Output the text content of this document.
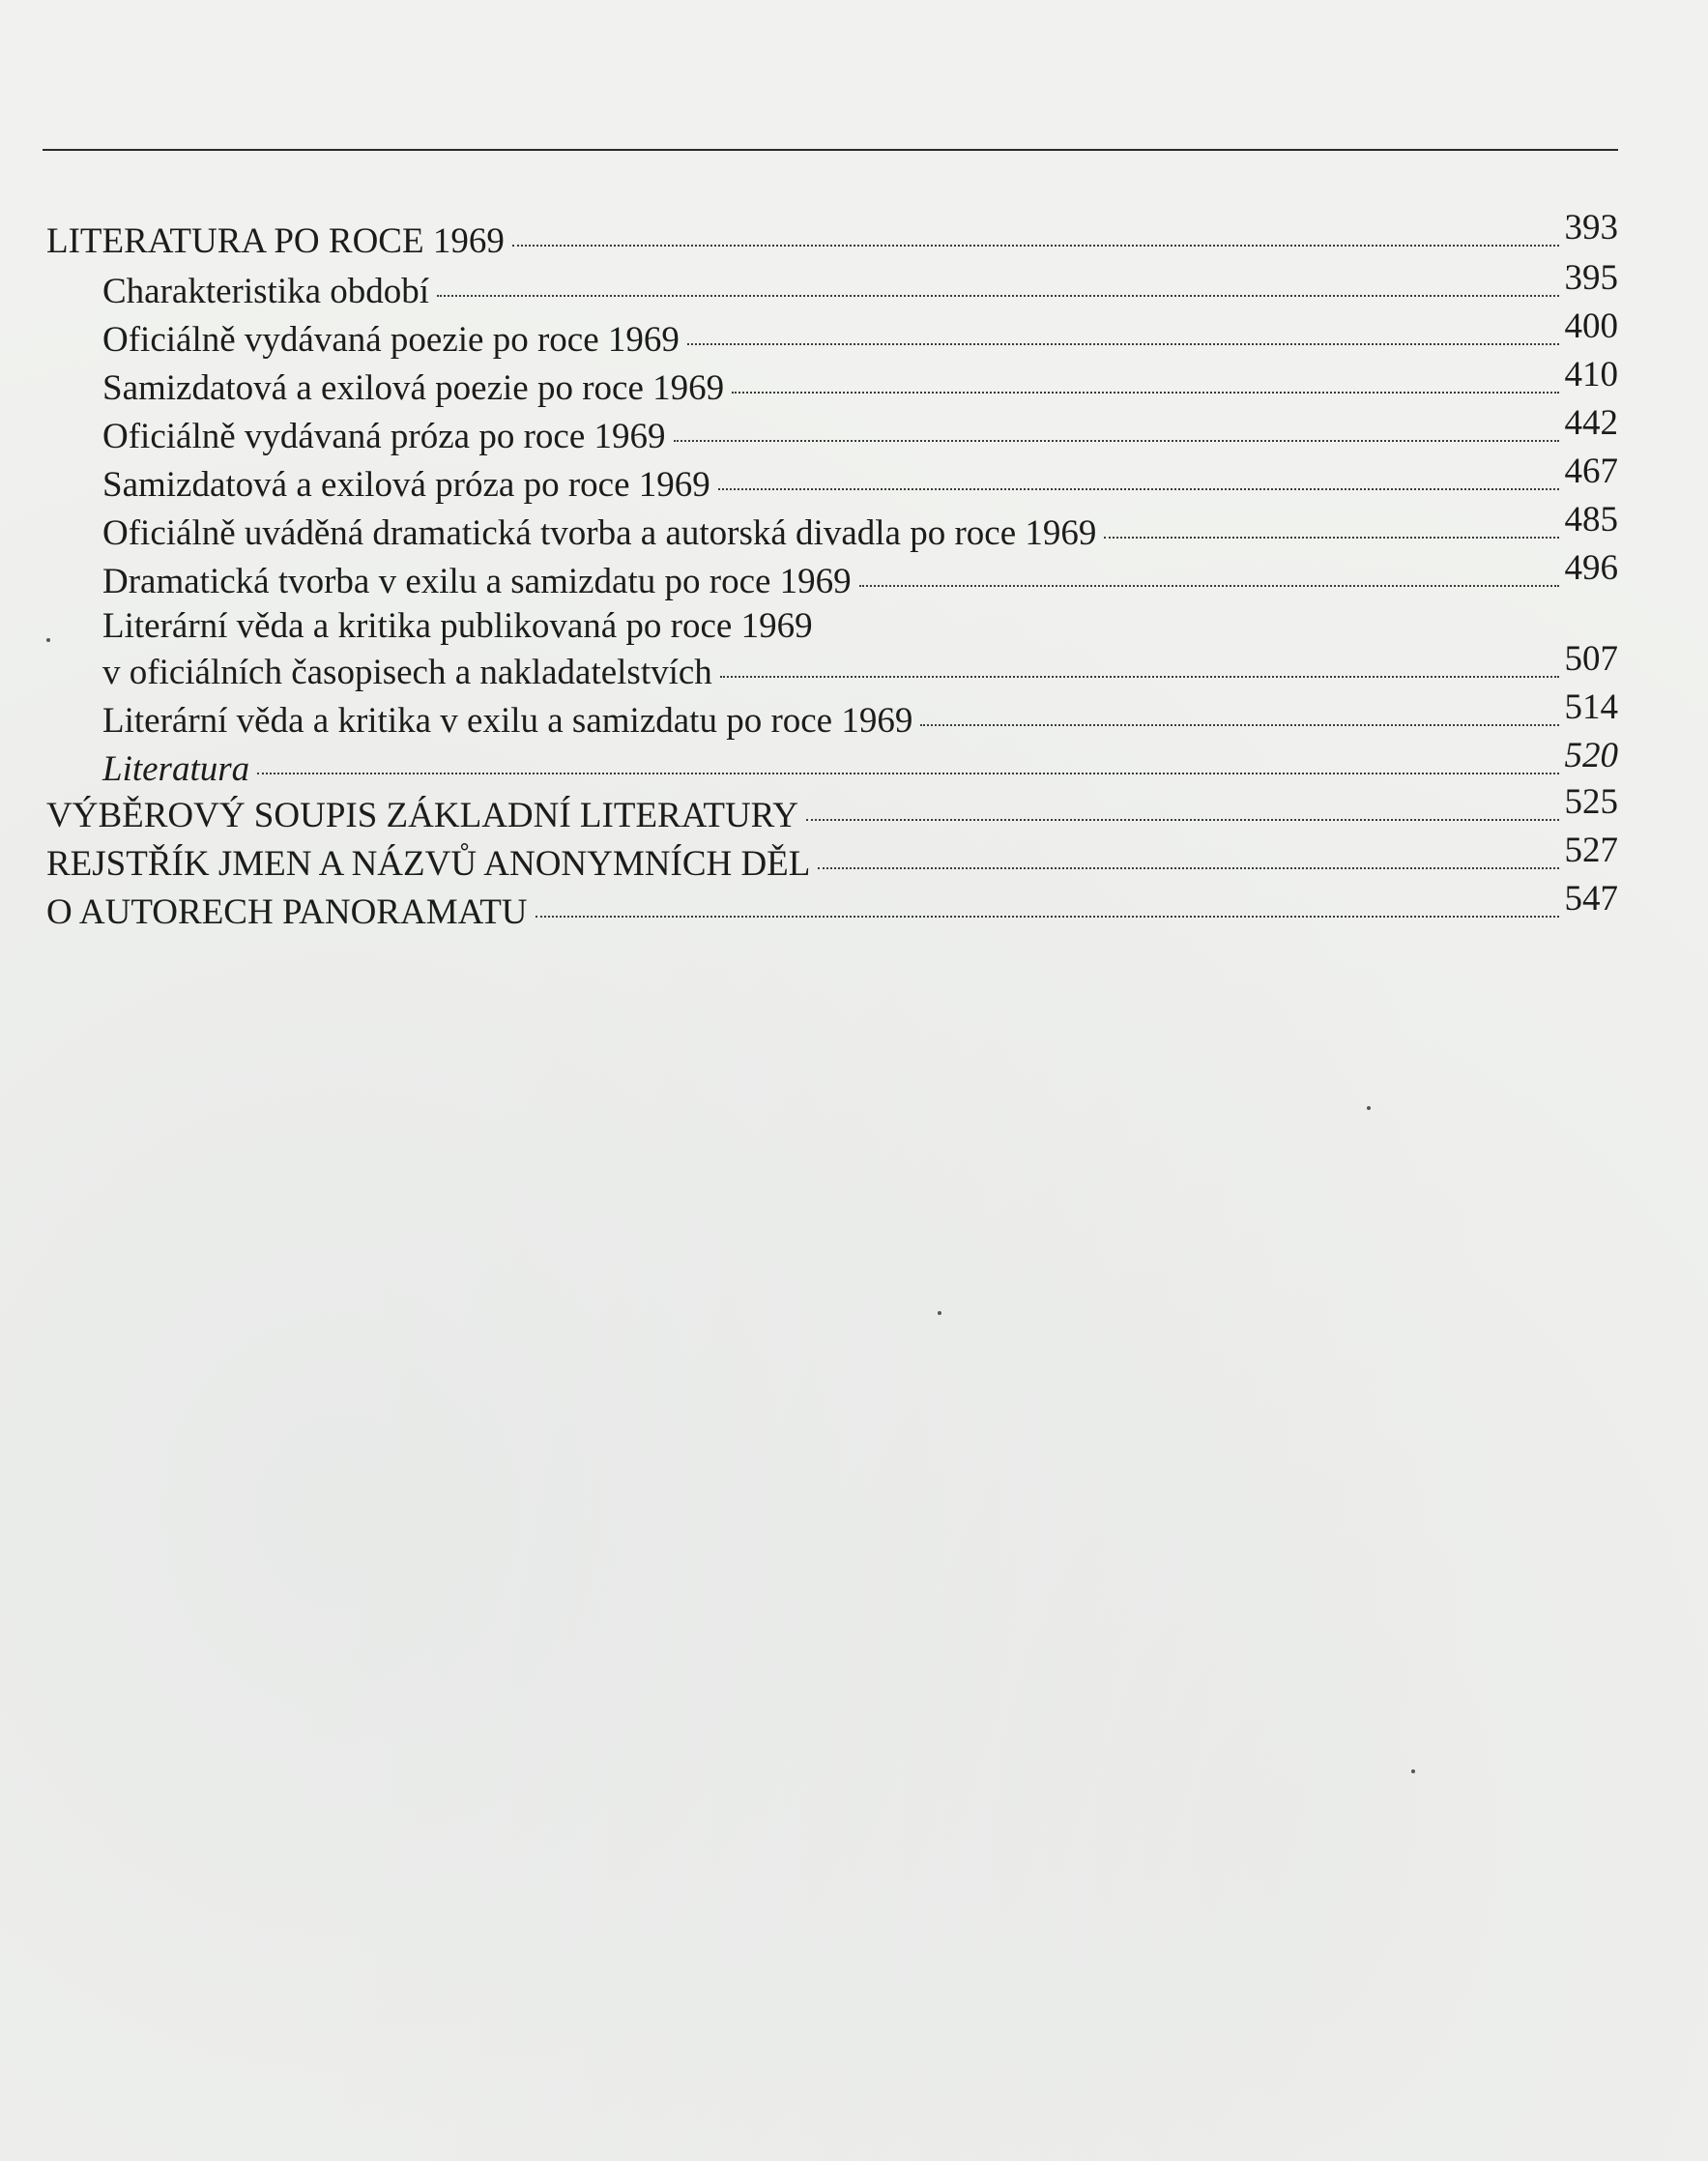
LITERATURA PO ROCE 1969	393
Charakteristika období	395
Oficiálně vydávaná poezie po roce 1969	400
Samizdatová a exilová poezie po roce 1969	410
Oficiálně vydávaná próza po roce 1969	442
Samizdatová a exilová próza po roce 1969	467
Oficiálně uváděná dramatická tvorba a autorská divadla po roce 1969	485
Dramatická tvorba v exilu a samizdatu po roce 1969	496
Literární věda a kritika publikovaná po roce 1969
v oficiálních časopisech a nakladatelstvích	507
Literární věda a kritika v exilu a samizdatu po roce 1969	514
Literatura	520
VÝBĚROVÝ SOUPIS ZÁKLADNÍ LITERATURY	525
REJSTŘÍK JMEN A NÁZVŮ ANONYMNÍCH DĚL	527
O AUTORECH PANORAMATU	547
